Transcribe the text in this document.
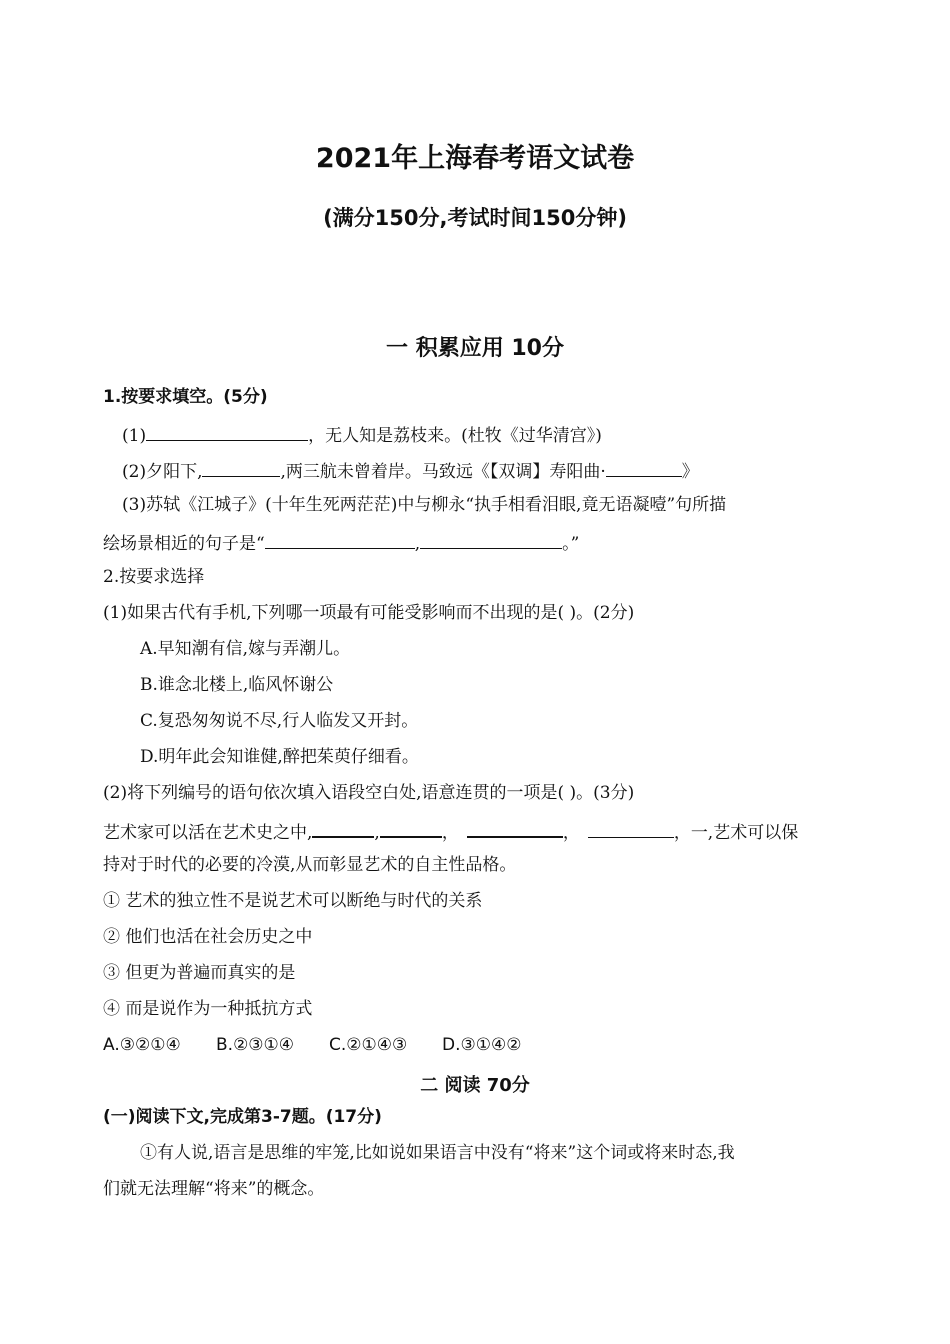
2021年上海春考语文试卷
(满分150分,考试时间150分钟)
一 积累应用 10分
1.按要求填空。(5分)
(1)	，无人知是荔枝来。(杜牧《过华清宫》)
(2)夕阳下,	,两三航未曾着岸。马致远《【双调】寿阳曲·	》
(3)苏轼《江城子》(十年生死两茫茫)中与柳永“执手相看泪眼,竟无语凝噎”句所描
绘场景相近的句子是“	,	。”
2.按要求选择
(1)如果古代有手机,下列哪一项最有可能受影响而不出现的是( )。(2分)
A.早知潮有信,嫁与弄潮儿。
B.谁念北楼上,临风怀谢公
C.复恐匆匆说不尽,行人临发又开封。
D.明年此会知谁健,醉把茱萸仔细看。
(2)将下列编号的语句依次填入语段空白处,语意连贯的一项是( )。(3分)
艺术家可以活在艺术史之中,	,	，	，	，一,艺术可以保
持对于时代的必要的冷漠,从而彰显艺术的自主性品格。
① 艺术的独立性不是说艺术可以断绝与时代的关系
② 他们也活在社会历史之中
③ 但更为普遍而真实的是
④ 而是说作为一种抵抗方式
A.③②①④ B.②③①④ C.②①④③ D.③①④②
二 阅读 70分
(一)阅读下文,完成第3-7题。(17分)
①有人说,语言是思维的牢笼,比如说如果语言中没有“将来”这个词或将来时态,我
们就无法理解“将来”的概念。
